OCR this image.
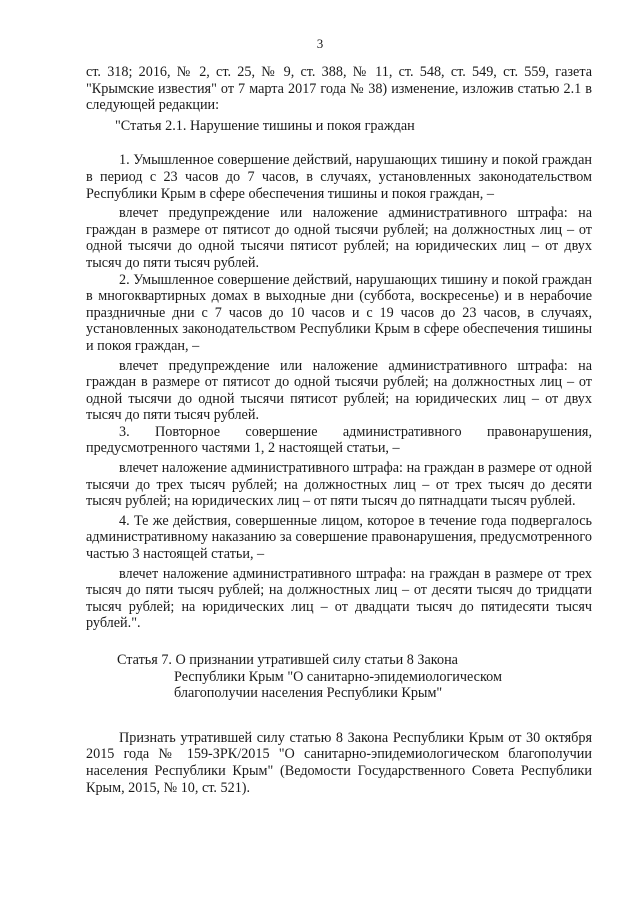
3

ст. 318; 2016, № 2, ст. 25, № 9, ст. 388, № 11, ст. 548, ст. 549, ст. 559, газета "Крымские известия" от 7 марта 2017 года № 38) изменение, изложив статью 2.1 в следующей редакции:

"Статья 2.1. Нарушение тишины и покоя граждан

1. Умышленное совершение действий, нарушающих тишину и покой граждан в период с 23 часов до 7 часов, в случаях, установленных законодательством Республики Крым в сфере обеспечения тишины и покоя граждан, –

влечет предупреждение или наложение административного штрафа: на граждан в размере от пятисот до одной тысячи рублей; на должностных лиц – от одной тысячи до одной тысячи пятисот рублей; на юридических лиц – от двух тысяч до пяти тысяч рублей.

2. Умышленное совершение действий, нарушающих тишину и покой граждан в многоквартирных домах в выходные дни (суббота, воскресенье) и в нерабочие праздничные дни с 7 часов до 10 часов и с 19 часов до 23 часов, в случаях, установленных законодательством Республики Крым в сфере обеспечения тишины и покоя граждан, –

влечет предупреждение или наложение административного штрафа: на граждан в размере от пятисот до одной тысячи рублей; на должностных лиц – от одной тысячи до одной тысячи пятисот рублей; на юридических лиц – от двух тысяч до пяти тысяч рублей.

3. Повторное совершение административного правонарушения, предусмотренного частями 1, 2 настоящей статьи, –

влечет наложение административного штрафа: на граждан в размере от одной тысячи до трех тысяч рублей; на должностных лиц – от трех тысяч до десяти тысяч рублей; на юридических лиц – от пяти тысяч до пятнадцати тысяч рублей.

4. Те же действия, совершенные лицом, которое в течение года подвергалось административному наказанию за совершение правонарушения, предусмотренного частью 3 настоящей статьи, –

влечет наложение административного штрафа: на граждан в размере от трех тысяч до пяти тысяч рублей; на должностных лиц – от десяти тысяч до тридцати тысяч рублей; на юридических лиц – от двадцати тысяч до пятидесяти тысяч рублей.".

Статья 7. О признании утратившей силу статьи 8 Закона
Республики Крым "О санитарно-эпидемиологическом
благополучии населения Республики Крым"

Признать утратившей силу статью 8 Закона Республики Крым от 30 октября 2015 года № 159-ЗРК/2015 "О санитарно-эпидемиологическом благополучии населения Республики Крым" (Ведомости Государственного Совета Республики Крым, 2015, № 10, ст. 521).
